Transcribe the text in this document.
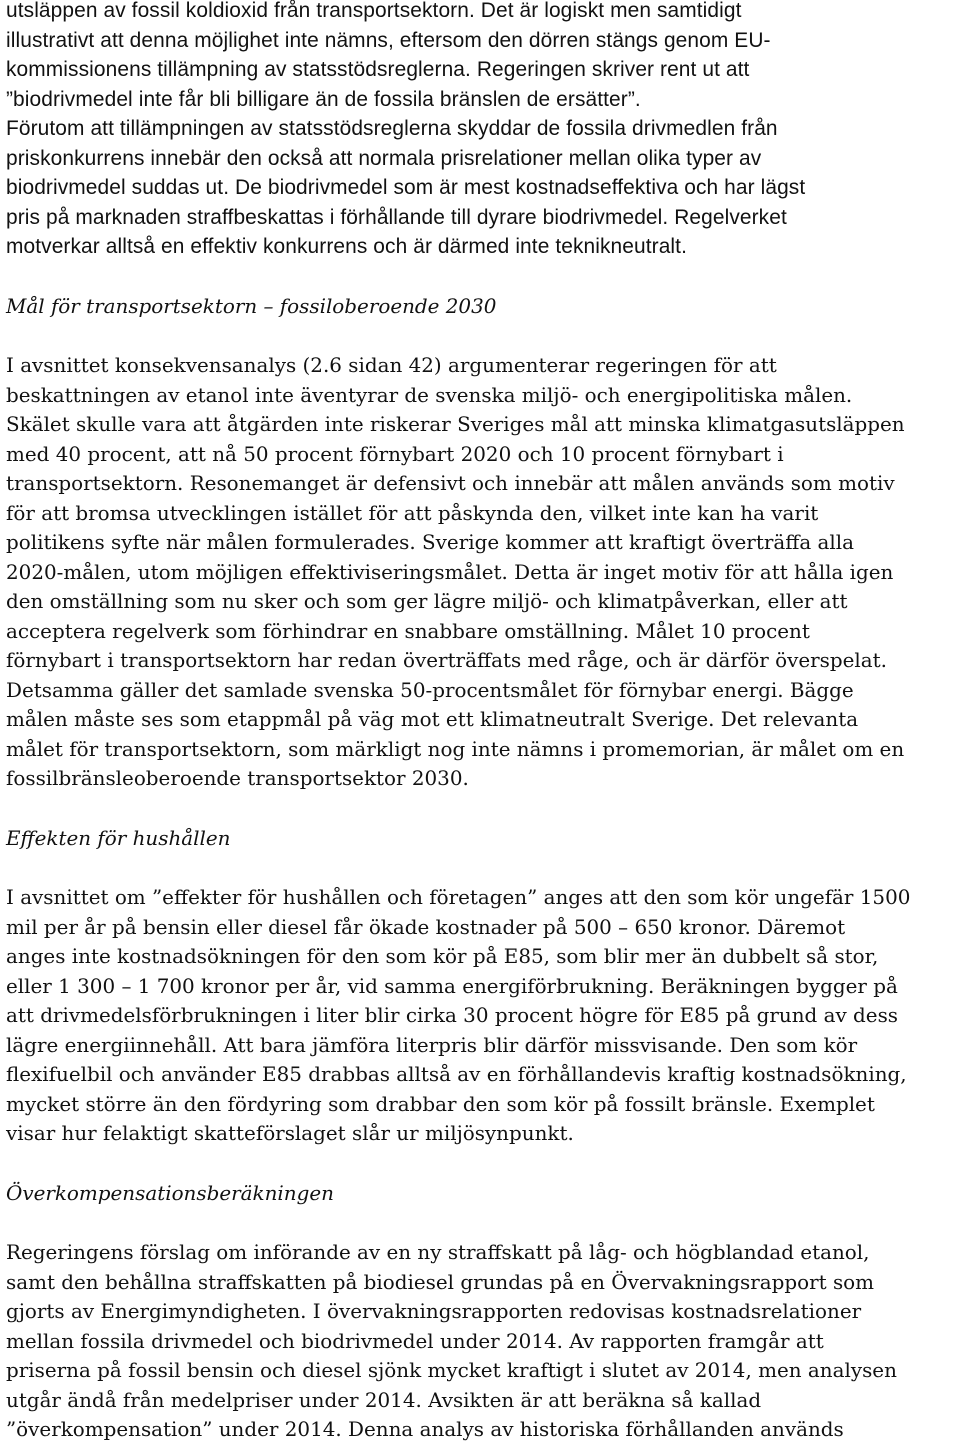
utsläppen av fossil koldioxid från transportsektorn. Det är logiskt men samtidigt
illustrativt att denna möjlighet inte nämns, eftersom den dörren stängs genom EU-
kommissionens tillämpning av statsstödsreglerna. Regeringen skriver rent ut att
”biodrivmedel inte får bli billigare än de fossila bränslen de ersätter”.
Förutom att tillämpningen av statsstödsreglerna skyddar de fossila drivmedlen från
priskonkurrens innebär den också att normala prisrelationer mellan olika typer av
biodrivmedel suddas ut. De biodrivmedel som är mest kostnadseffektiva och har lägst
pris på marknaden straffbeskattas i förhållande till dyrare biodrivmedel. Regelverket
motverkar alltså en effektiv konkurrens och är därmed inte teknikneutralt.

Mål för transportsektorn – fossiloberoende 2030

I avsnittet konsekvensanalys (2.6 sidan 42) argumenterar regeringen för att
beskattningen av etanol inte äventyrar de svenska miljö- och energipolitiska målen.
Skälet skulle vara att åtgärden inte riskerar Sveriges mål att minska klimatgasutsläppen
med 40 procent, att nå 50 procent förnybart 2020 och 10 procent förnybart i
transportsektorn. Resonemanget är defensivt och innebär att målen används som motiv
för att bromsa utvecklingen istället för att påskynda den, vilket inte kan ha varit
politikens syfte när målen formulerades. Sverige kommer att kraftigt överträffa alla
2020-målen, utom möjligen effektiviseringsmålet. Detta är inget motiv för att hålla igen
den omställning som nu sker och som ger lägre miljö- och klimatpåverkan, eller att
acceptera regelverk som förhindrar en snabbare omställning. Målet 10 procent
förnybart i transportsektorn har redan överträffats med råge, och är därför överspelat.
Detsamma gäller det samlade svenska 50-procentsmålet för förnybar energi. Bägge
målen måste ses som etappmål på väg mot ett klimatneutralt Sverige. Det relevanta
målet för transportsektorn, som märkligt nog inte nämns i promemorian, är målet om en
fossilbränsleoberoende transportsektor 2030.

Effekten för hushållen

I avsnittet om ”effekter för hushållen och företagen” anges att den som kör ungefär 1500
mil per år på bensin eller diesel får ökade kostnader på 500 – 650 kronor. Däremot
anges inte kostnadsökningen för den som kör på E85, som blir mer än dubbelt så stor,
eller 1 300 – 1 700 kronor per år, vid samma energiförbrukning. Beräkningen bygger på
att drivmedelsförbrukningen i liter blir cirka 30 procent högre för E85 på grund av dess
lägre energiinnehåll. Att bara jämföra literpris blir därför missvisande. Den som kör
flexifuelbil och använder E85 drabbas alltså av en förhållandevis kraftig kostnadsökning,
mycket större än den fördyring som drabbar den som kör på fossilt bränsle. Exemplet
visar hur felaktigt skatteförslaget slår ur miljösynpunkt.

Överkompensationsberäkningen

Regeringens förslag om införande av en ny straffskatt på låg- och högblandad etanol,
samt den behållna straffskatten på biodiesel grundas på en Övervakningsrapport som
gjorts av Energimyndigheten. I övervakningsrapporten redovisas kostnadsrelationer
mellan fossila drivmedel och biodrivmedel under 2014. Av rapporten framgår att
priserna på fossil bensin och diesel sjönk mycket kraftigt i slutet av 2014, men analysen
utgår ändå från medelpriser under 2014. Avsikten är att beräkna så kallad
”överkompensation” under 2014. Denna analys av historiska förhållanden används
